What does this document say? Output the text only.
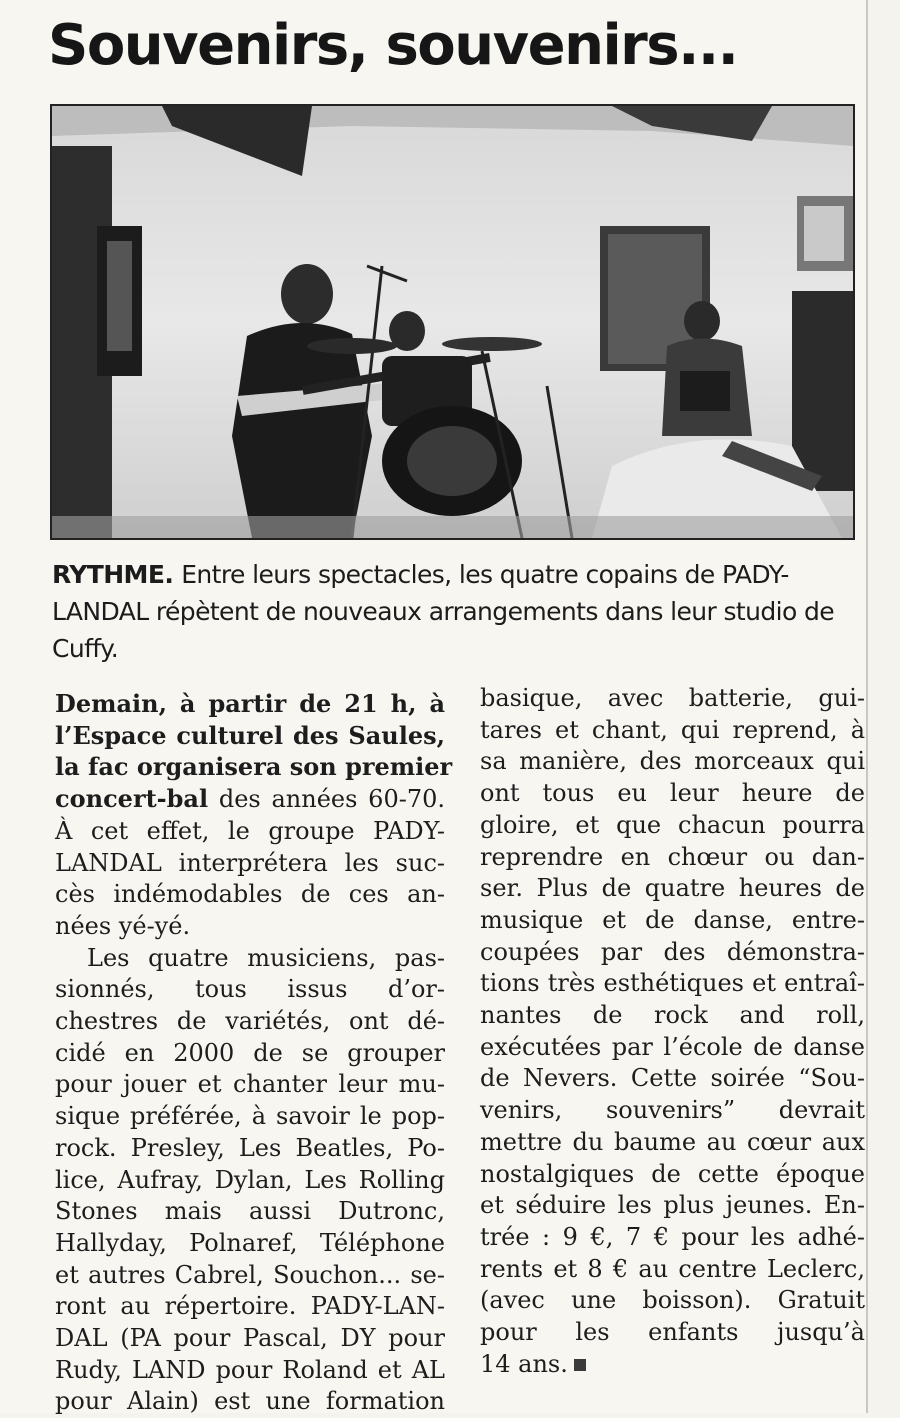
Souvenirs, souvenirs...
RYTHME. Entre leurs spectacles, les quatre copains de PADY-LANDAL répètent de nouveaux arrangements dans leur studio de Cuffy.
Demain, à partir de 21 h, à
l’Espace culturel des Saules,
la fac organisera son premier
concert-bal des années 60-70.
À cet effet, le groupe PADY-
LANDAL interprétera les suc-
cès indémodables de ces an-
nées yé-yé.
Les quatre musiciens, pas-
sionnés, tous issus d’or-
chestres de variétés, ont dé-
cidé en 2000 de se grouper
pour jouer et chanter leur mu-
sique préférée, à savoir le pop-
rock. Presley, Les Beatles, Po-
lice, Aufray, Dylan, Les Rolling
Stones mais aussi Dutronc,
Hallyday, Polnaref, Téléphone
et autres Cabrel, Souchon... se-
ront au répertoire. PADY-LAN-
DAL (PA pour Pascal, DY pour
Rudy, LAND pour Roland et AL
pour Alain) est une formation
basique, avec batterie, gui-
tares et chant, qui reprend, à
sa manière, des morceaux qui
ont tous eu leur heure de
gloire, et que chacun pourra
reprendre en chœur ou dan-
ser. Plus de quatre heures de
musique et de danse, entre-
coupées par des démonstra-
tions très esthétiques et entraî-
nantes de rock and roll,
exécutées par l’école de danse
de Nevers. Cette soirée “Sou-
venirs, souvenirs” devrait
mettre du baume au cœur aux
nostalgiques de cette époque
et séduire les plus jeunes. En-
trée : 9 €, 7 € pour les adhé-
rents et 8 € au centre Leclerc,
(avec une boisson). Gratuit
pour les enfants jusqu’à
14 ans.
